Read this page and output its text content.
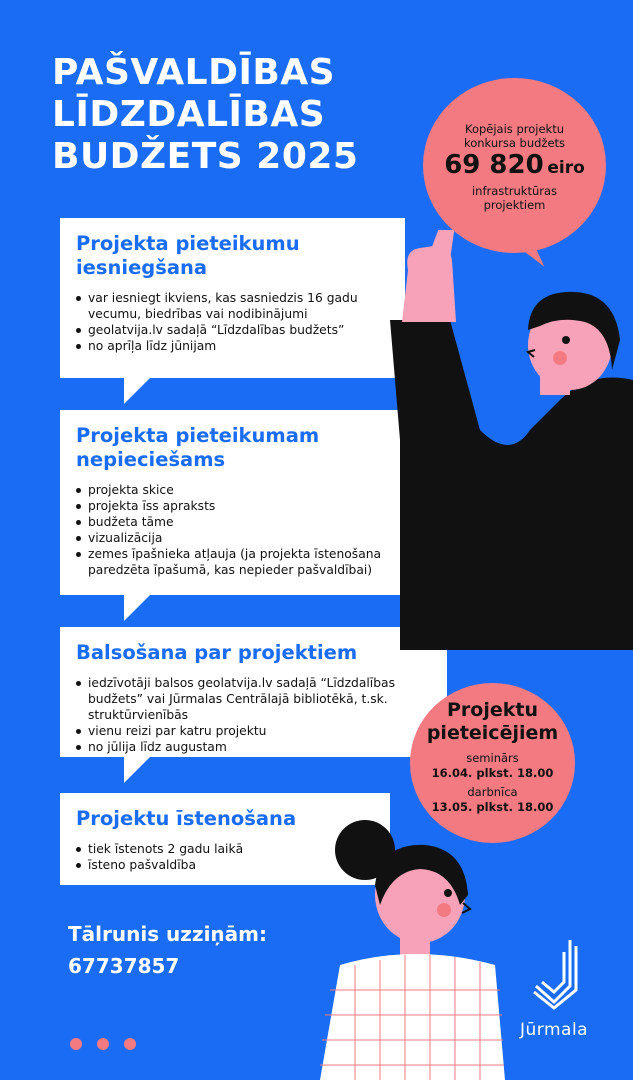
PAŠVALDĪBAS
LĪDZDALĪBAS
BUDŽETS 2025
Projekta pieteikumu
iesniegšana
var iesniegt ikviens, kas sasniedzis 16 gadu vecumu, biedrības vai nodibinājumi
geolatvija.lv sadaļā “Līdzdalības budžets”
no aprīļa līdz jūnijam
Projekta pieteikumam
nepieciešams
projekta skice
projekta īss apraksts
budžeta tāme
vizualizācija
zemes īpašnieka atļauja (ja projekta īstenošana paredzēta īpašumā, kas nepieder pašvaldībai)
Balsošana par projektiem
iedzīvotāji balsos geolatvija.lv sadaļā “Līdzdalības budžets” vai Jūrmalas Centrālajā bibliotēkā, t.sk. struktūrvienībās
vienu reizi par katru projektu
no jūlija līdz augustam
Projektu īstenošana
tiek īstenots 2 gadu laikā
īsteno pašvaldība
Kopējais projektu
konkursa budžets
69 820 eiro
infrastruktūras
projektiem
Projektu
pieteicējiem
seminārs
16.04. plkst. 18.00
darbnīca
13.05. plkst. 18.00
Tālrunis uzziņām:
67737857
Jūrmala
